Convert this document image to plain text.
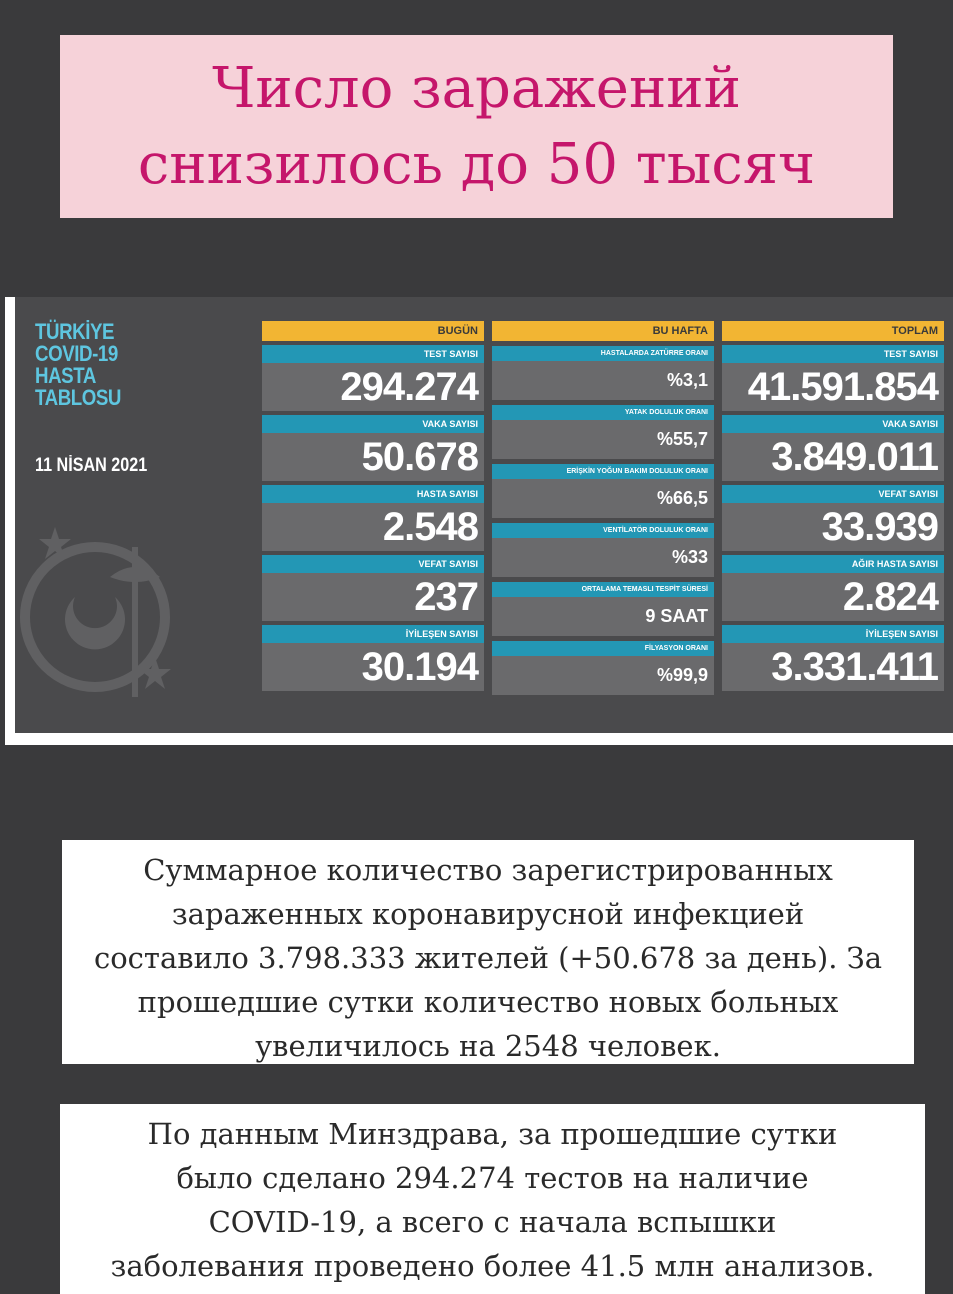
Число заражений
снизилось до 50 тысяч
TÜRKİYE
COVID-19
HASTA
TABLOSU
11 NİSAN 2021
BUGÜN
TEST SAYISI
294.274
VAKA SAYISI
50.678
HASTA SAYISI
2.548
VEFAT SAYISI
237
İYİLEŞEN SAYISI
30.194
BU HAFTA
HASTALARDA ZATÜRRE ORANI
%3,1
YATAK DOLULUK ORANI
%55,7
ERİŞKİN YOĞUN BAKIM DOLULUK ORANI
%66,5
VENTİLATÖR DOLULUK ORANI
%33
ORTALAMA TEMASLI TESPİT SÜRESİ
9 SAAT
FİLYASYON ORANI
%99,9
TOPLAM
TEST SAYISI
41.591.854
VAKA SAYISI
3.849.011
VEFAT SAYISI
33.939
AĞIR HASTA SAYISI
2.824
İYİLEŞEN SAYISI
3.331.411
Суммарное количество зарегистрированных
зараженных коронавирусной инфекцией
составило 3.798.333 жителей (+50.678 за день). За
прошедшие сутки количество новых больных
увеличилось на 2548 человек.
По данным Минздрава, за прошедшие сутки
было сделано 294.274 тестов на наличие
COVID-19, а всего с начала вспышки
заболевания проведено более 41.5 млн анализов.
